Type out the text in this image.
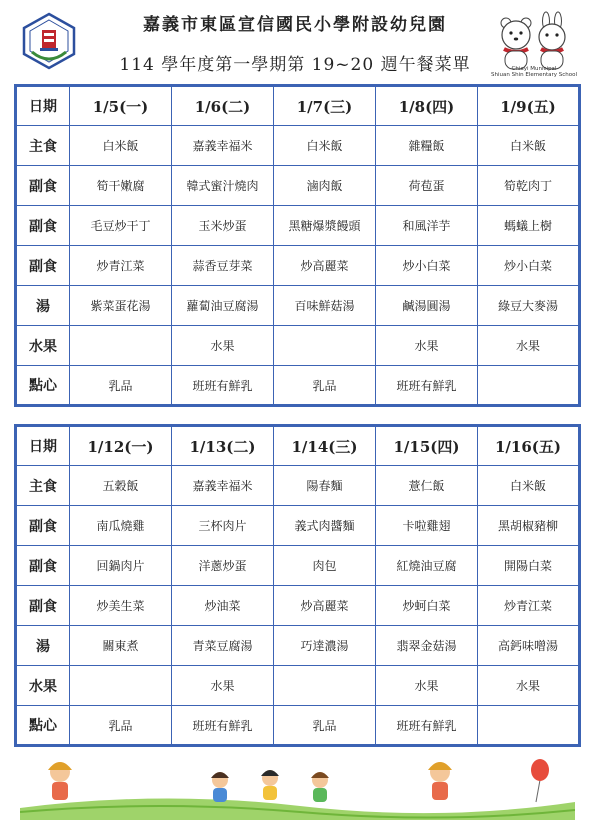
嘉義市東區宣信國民小學附設幼兒園
114 學年度第一學期第 19~20 週午餐菜單	Chiayi Municipal
Shiuan Shin Elementary School
日期	1/5(一)	1/6(二)	1/7(三)	1/8(四)	1/9(五)
主食	白米飯	嘉義幸福米	白米飯	雜糧飯	白米飯
副食	筍干嫩腐	韓式蜜汁燒肉	滷肉飯	荷苞蛋	筍乾肉丁
副食	毛豆炒干丁	玉米炒蛋	黑糖爆漿饅頭	和風洋芋	螞蟻上樹
副食	炒青江菜	蒜香豆芽菜	炒高麗菜	炒小白菜	炒小白菜
湯	紫菜蛋花湯	蘿蔔油豆腐湯	百味鮮菇湯	鹹湯圓湯	綠豆大麥湯
水果		水果		水果	水果
點心	乳品	班班有鮮乳	乳品	班班有鮮乳	
日期	1/12(一)	1/13(二)	1/14(三)	1/15(四)	1/16(五)
主食	五穀飯	嘉義幸福米	陽春麵	薏仁飯	白米飯
副食	南瓜燒雞	三杯肉片	義式肉醬麵	卡啦雞翅	黑胡椒豬柳
副食	回鍋肉片	洋蔥炒蛋	肉包	紅燒油豆腐	開陽白菜
副食	炒美生菜	炒油菜	炒高麗菜	炒蚵白菜	炒青江菜
湯	關東煮	青菜豆腐湯	巧達濃湯	翡翠金菇湯	高鈣味噌湯
水果		水果		水果	水果
點心	乳品	班班有鮮乳	乳品	班班有鮮乳	
